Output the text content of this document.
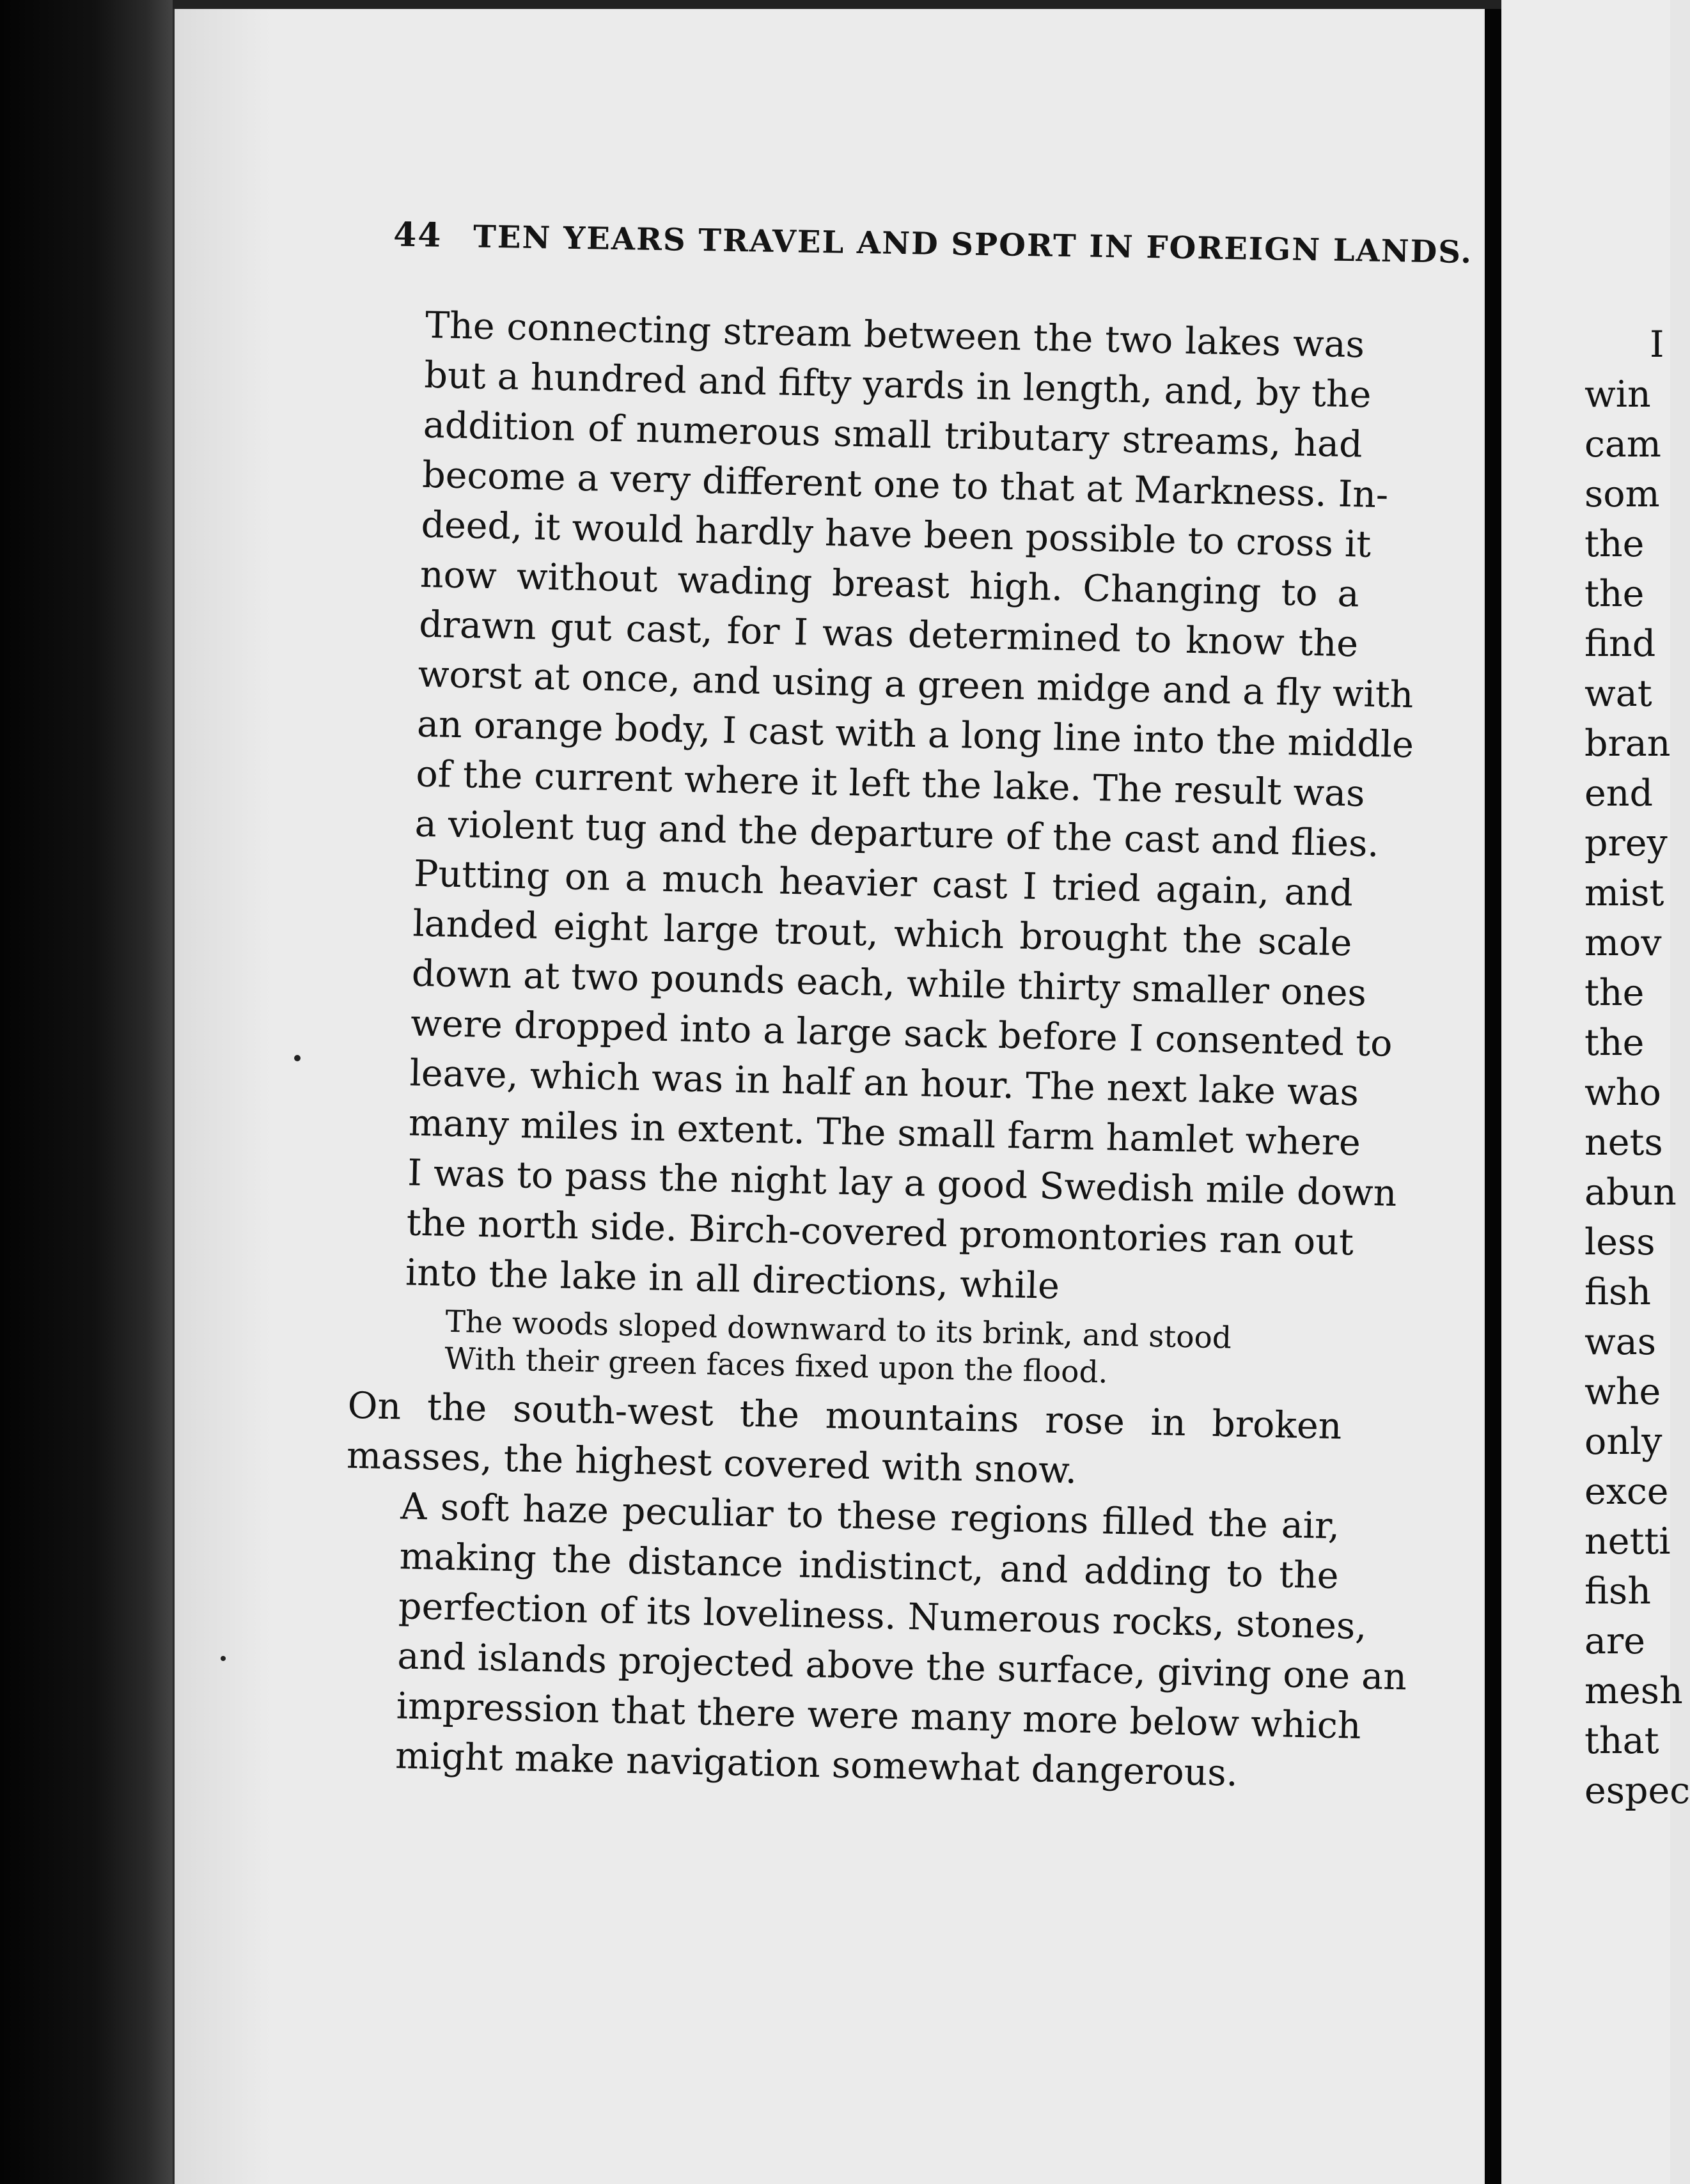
44 TEN YEARS TRAVEL AND SPORT IN FOREIGN LANDS.

The connecting stream between the two lakes was
but a hundred and fifty yards in length, and, by the
addition of numerous small tributary streams, had
become a very different one to that at Markness. In-
deed, it would hardly have been possible to cross it
now without wading breast high. Changing to a
drawn gut cast, for I was determined to know the
worst at once, and using a green midge and a fly with
an orange body, I cast with a long line into the middle
of the current where it left the lake. The result was
a violent tug and the departure of the cast and flies.

Putting on a much heavier cast I tried again, and
landed eight large trout, which brought the scale
down at two pounds each, while thirty smaller ones
were dropped into a large sack before I consented to
leave, which was in half an hour. The next lake was
many miles in extent. The small farm hamlet where
I was to pass the night lay a good Swedish mile down
the north side. Birch-covered promontories ran out
into the lake in all directions, while

The woods sloped downward to its brink, and stood
With their green faces fixed upon the flood.

On the south-west the mountains rose in broken
masses, the highest covered with snow.

A soft haze peculiar to these regions filled the air,
making the distance indistinct, and adding to the
perfection of its loveliness. Numerous rocks, stones,
and islands projected above the surface, giving one an
impression that there were many more below which
might make navigation somewhat dangerous.

I
win
cam
som
the
the
find
wat
bran
end
prey
mist
mov
the
the
who
nets
abun
less
fish
was
whe
only
exce
netti
fish
are
mesh
that
espec
